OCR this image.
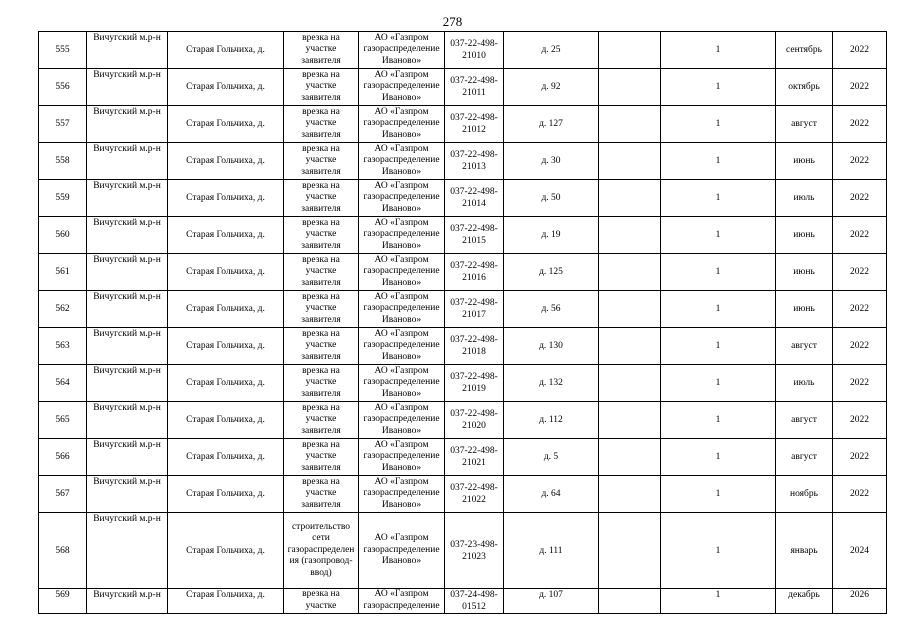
278
555	Вичугский м.р-н	Старая Гольчиха, д.	врезка на участке заявителя	АО «Газпром газораспределение Иваново»	037-22-498-21010	д. 25		1	сентябрь	2022
556	Вичугский м.р-н	Старая Гольчиха, д.	врезка на участке заявителя	АО «Газпром газораспределение Иваново»	037-22-498-21011	д. 92		1	октябрь	2022
557	Вичугский м.р-н	Старая Гольчиха, д.	врезка на участке заявителя	АО «Газпром газораспределение Иваново»	037-22-498-21012	д. 127		1	август	2022
558	Вичугский м.р-н	Старая Гольчиха, д.	врезка на участке заявителя	АО «Газпром газораспределение Иваново»	037-22-498-21013	д. 30		1	июнь	2022
559	Вичугский м.р-н	Старая Гольчиха, д.	врезка на участке заявителя	АО «Газпром газораспределение Иваново»	037-22-498-21014	д. 50		1	июль	2022
560	Вичугский м.р-н	Старая Гольчиха, д.	врезка на участке заявителя	АО «Газпром газораспределение Иваново»	037-22-498-21015	д. 19		1	июнь	2022
561	Вичугский м.р-н	Старая Гольчиха, д.	врезка на участке заявителя	АО «Газпром газораспределение Иваново»	037-22-498-21016	д. 125		1	июнь	2022
562	Вичугский м.р-н	Старая Гольчиха, д.	врезка на участке заявителя	АО «Газпром газораспределение Иваново»	037-22-498-21017	д. 56		1	июнь	2022
563	Вичугский м.р-н	Старая Гольчиха, д.	врезка на участке заявителя	АО «Газпром газораспределение Иваново»	037-22-498-21018	д. 130		1	август	2022
564	Вичугский м.р-н	Старая Гольчиха, д.	врезка на участке заявителя	АО «Газпром газораспределение Иваново»	037-22-498-21019	д. 132		1	июль	2022
565	Вичугский м.р-н	Старая Гольчиха, д.	врезка на участке заявителя	АО «Газпром газораспределение Иваново»	037-22-498-21020	д. 112		1	август	2022
566	Вичугский м.р-н	Старая Гольчиха, д.	врезка на участке заявителя	АО «Газпром газораспределение Иваново»	037-22-498-21021	д. 5		1	август	2022
567	Вичугский м.р-н	Старая Гольчиха, д.	врезка на участке заявителя	АО «Газпром газораспределение Иваново»	037-22-498-21022	д. 64		1	ноябрь	2022
568	Вичугский м.р-н	Старая Гольчиха, д.	строительство сети газораспределения (газопровод-ввод)	АО «Газпром газораспределение Иваново»	037-23-498-21023	д. 111		1	январь	2024
569	Вичугский м.р-н	Старая Гольчиха, д.	врезка на участке	АО «Газпром газораспределение	037-24-498-01512	д. 107		1	декабрь	2026
